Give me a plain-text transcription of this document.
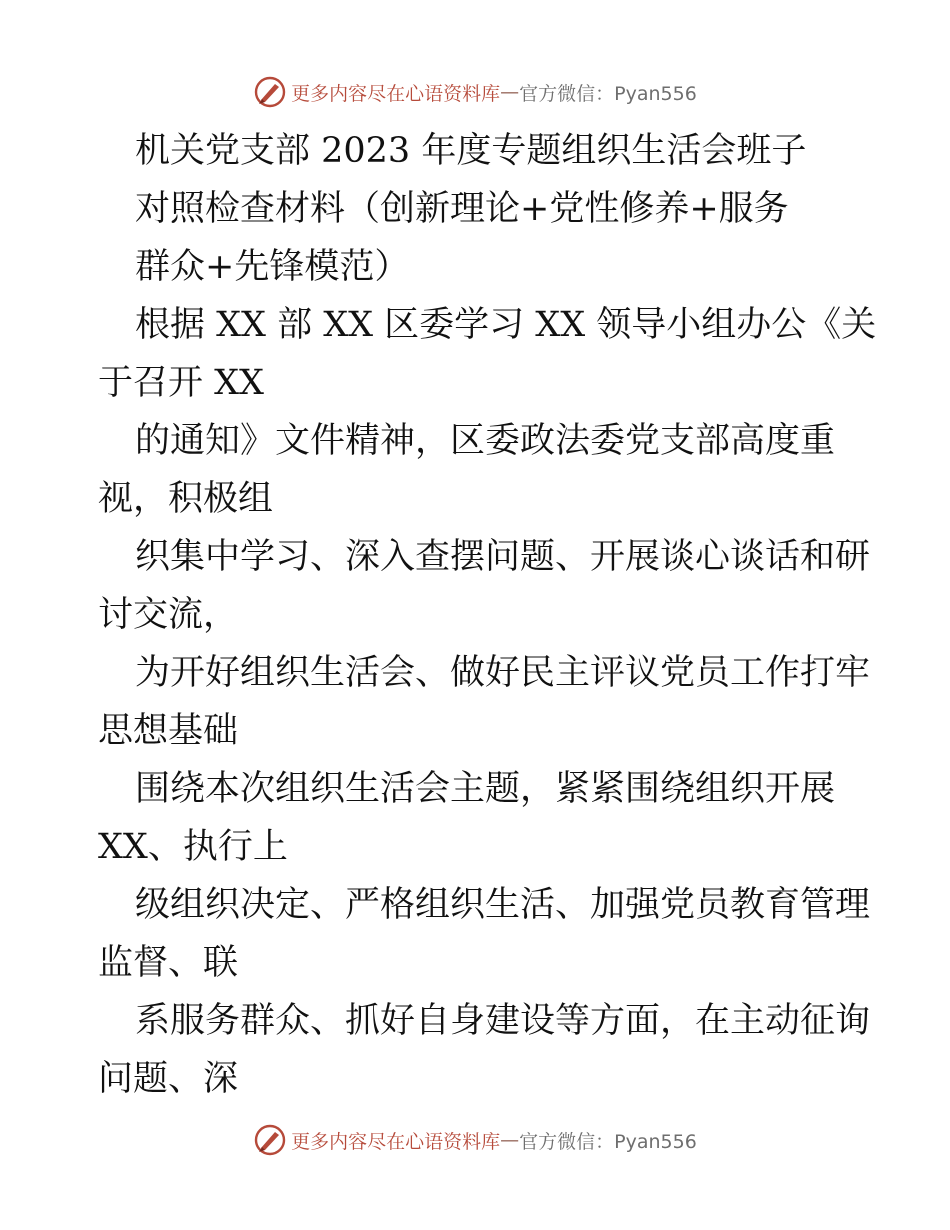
更多内容尽在心语资料库 — 官方微信：Pyan556
机关党支部 2023 年度专题组织生活会班子
对照检查材料（创新理论+党性修养+服务
群众+先锋模范）
根据 XX 部 XX 区委学习 XX 领导小组办公《关
于召开 XX
的通知》文件精神，区委政法委党支部高度重
视，积极组
织集中学习、深入查摆问题、开展谈心谈话和研
讨交流，
为开好组织生活会、做好民主评议党员工作打牢
思想基础
围绕本次组织生活会主题，紧紧围绕组织开展
XX、执行上
级组织决定、严格组织生活、加强党员教育管理
监督、联
系服务群众、抓好自身建设等方面，在主动征询
问题、深
更多内容尽在心语资料库 — 官方微信：Pyan556
